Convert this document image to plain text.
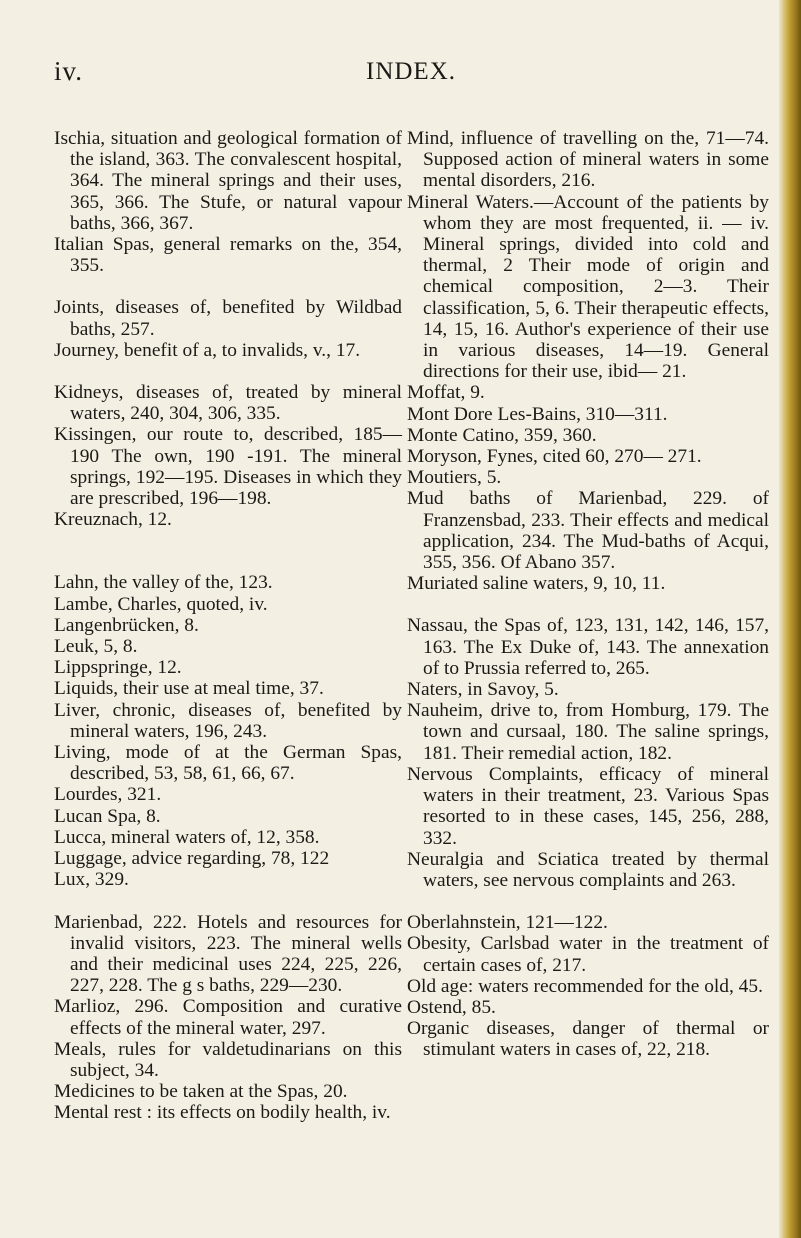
iv.	INDEX.

Ischia, situation and geological formation of the island, 363. The convalescent hospital, 364. The mineral springs and their uses, 365, 366. The Stufe, or natural vapour baths, 366, 367.

Italian Spas, general remarks on the, 354, 355.

Joints, diseases of, benefited by Wildbad baths, 257.

Journey, benefit of a, to invalids, v., 17.

Kidneys, diseases of, treated by mineral waters, 240, 304, 306, 335.

Kissingen, our route to, described, 185—190 The own, 190 -191. The mineral springs, 192—195. Diseases in which they are prescribed, 196—198.

Kreuznach, 12.

Lahn, the valley of the, 123.

Lambe, Charles, quoted, iv.

Langenbrücken, 8.

Leuk, 5, 8.

Lippspringe, 12.

Liquids, their use at meal time, 37.

Liver, chronic, diseases of, benefited by mineral waters, 196, 243.

Living, mode of at the German Spas, described, 53, 58, 61, 66, 67.

Lourdes, 321.

Lucan Spa, 8.

Lucca, mineral waters of, 12, 358.

Luggage, advice regarding, 78, 122

Lux, 329.

Marienbad, 222. Hotels and resources for invalid visitors, 223. The mineral wells and their medicinal uses 224, 225, 226, 227, 228. The g s baths, 229—230.

Marlioz, 296. Composition and curative effects of the mineral water, 297.

Meals, rules for valdetudinarians on this subject, 34.

Medicines to be taken at the Spas, 20.

Mental rest : its effects on bodily health, iv.

Mind, influence of travelling on the, 71—74. Supposed action of mineral waters in some mental disorders, 216.

Mineral Waters.—Account of the patients by whom they are most frequented, ii. — iv. Mineral springs, divided into cold and thermal, 2 Their mode of origin and chemical composition, 2—3. Their classification, 5, 6. Their therapeutic effects, 14, 15, 16. Author's experience of their use in various diseases, 14—19. General directions for their use, ibid— 21.

Moffat, 9.

Mont Dore Les-Bains, 310—311.

Monte Catino, 359, 360.

Moryson, Fynes, cited 60, 270— 271.

Moutiers, 5.

Mud baths of Marienbad, 229. of Franzensbad, 233. Their effects and medical application, 234. The Mud-baths of Acqui, 355, 356. Of Abano 357.

Muriated saline waters, 9, 10, 11.

Nassau, the Spas of, 123, 131, 142, 146, 157, 163. The Ex Duke of, 143. The annexation of to Prussia referred to, 265.

Naters, in Savoy, 5.

Nauheim, drive to, from Homburg, 179. The town and cursaal, 180. The saline springs, 181. Their remedial action, 182.

Nervous Complaints, efficacy of mineral waters in their treatment, 23. Various Spas resorted to in these cases, 145, 256, 288, 332.

Neuralgia and Sciatica treated by thermal waters, see nervous complaints and 263.

Oberlahnstein, 121—122.

Obesity, Carlsbad water in the treatment of certain cases of, 217.

Old age: waters recommended for the old, 45.

Ostend, 85.

Organic diseases, danger of thermal or stimulant waters in cases of, 22, 218.
